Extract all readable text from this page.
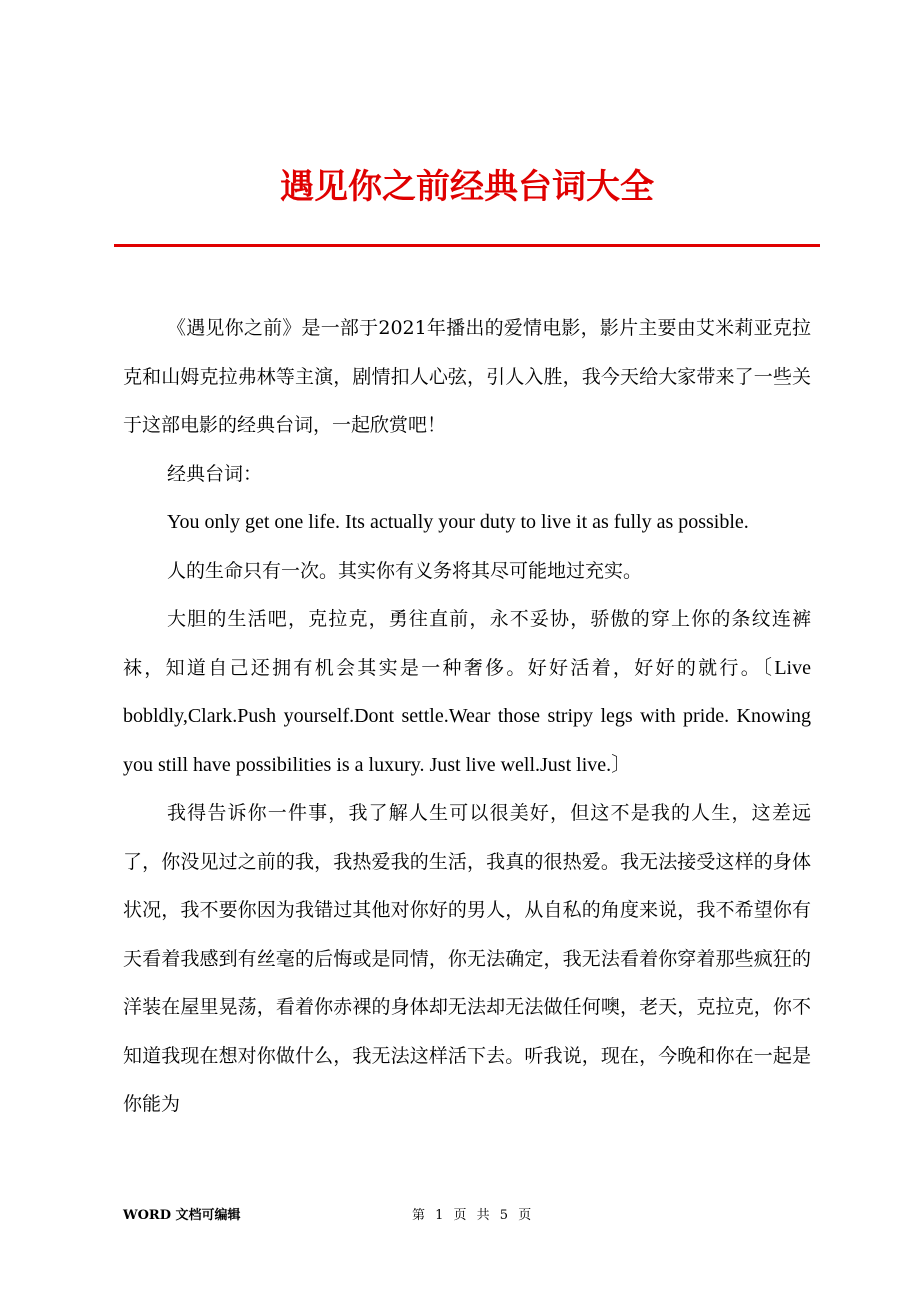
遇见你之前经典台词大全

《遇见你之前》是一部于2021年播出的爱情电影，影片主要由艾米莉亚克拉克和山姆克拉弗林等主演，剧情扣人心弦，引人入胜，我今天给大家带来了一些关于这部电影的经典台词，一起欣赏吧！

经典台词：

You only get one life. Its actually your duty to live it as fully as possible.

人的生命只有一次。其实你有义务将其尽可能地过充实。

大胆的生活吧，克拉克，勇往直前，永不妥协，骄傲的穿上你的条纹连裤袜，知道自己还拥有机会其实是一种奢侈。好好活着，好好的就行。〔Live bobldly,Clark.Push yourself.Dont settle.Wear those stripy legs with pride. Knowing you still have possibilities is a luxury. Just live well.Just live.〕

我得告诉你一件事，我了解人生可以很美好，但这不是我的人生，这差远了，你没见过之前的我，我热爱我的生活，我真的很热爱。我无法接受这样的身体状况，我不要你因为我错过其他对你好的男人，从自私的角度来说，我不希望你有天看着我感到有丝毫的后悔或是同情，你无法确定，我无法看着你穿着那些疯狂的洋装在屋里晃荡，看着你赤裸的身体却无法却无法做任何噢，老天，克拉克，你不知道我现在想对你做什么，我无法这样活下去。听我说，现在，今晚和你在一起是你能为

WORD 文档可编辑	第 1 页 共 5 页
